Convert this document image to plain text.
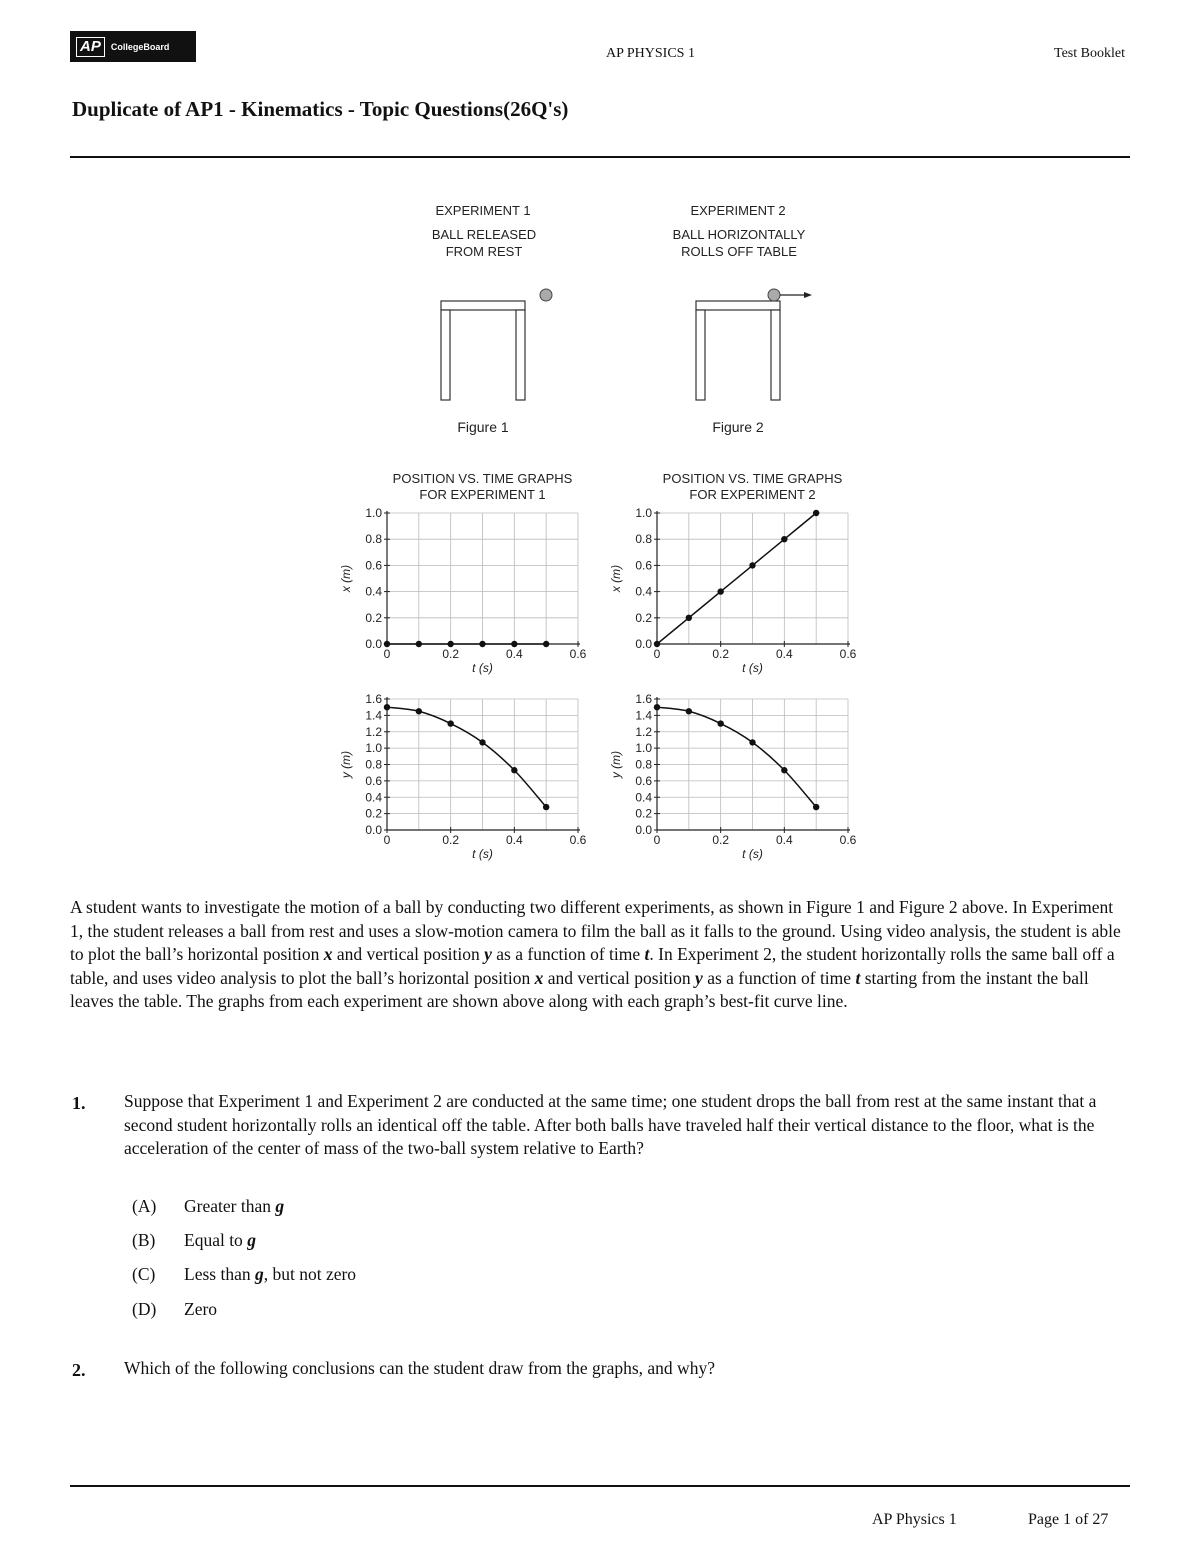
AP	CollegeBoard	AP PHYSICS 1	Test Booklet
Duplicate of AP1 - Kinematics - Topic Questions(26Q's)
EXPERIMENT 1
BALL RELEASED
FROM REST
EXPERIMENT 2
BALL HORIZONTALLY
ROLLS OFF TABLE
Figure 1	Figure 2
POSITION VS. TIME GRAPHS
FOR EXPERIMENT 1
0	0.2	0.4	0.6
0.0
0.2
0.4
0.6
0.8
1.0
t (s)
x (m)
POSITION VS. TIME GRAPHS
FOR EXPERIMENT 2
0	0.2	0.4	0.6
0.0
0.2
0.4
0.6
0.8
1.0
t (s)
x (m)
0	0.2	0.4	0.6
0.0
0.2
0.4
0.6
0.8
1.0
1.2
1.4
1.6
t (s)
y (m)
0	0.2	0.4	0.6
0.0
0.2
0.4
0.6
0.8
1.0
1.2
1.4
1.6
t (s)
y (m)
A student wants to investigate the motion of a ball by conducting two different experiments, as shown in Figure 1 and Figure 2 above. In Experiment 1, the student releases a ball from rest and uses a slow-motion camera to film the ball as it falls to the ground. Using video analysis, the student is able to plot the ball’s horizontal position x and vertical position y as a function of time t. In Experiment 2, the student horizontally rolls the same ball off a table, and uses video analysis to plot the ball’s horizontal position x and vertical position y as a function of time t starting from the instant the ball leaves the table. The graphs from each experiment are shown above along with each graph’s best-fit curve line.
1. Suppose that Experiment 1 and Experiment 2 are conducted at the same time; one student drops the ball from rest at the same instant that a second student horizontally rolls an identical off the table. After both balls have traveled half their vertical distance to the floor, what is the acceleration of the center of mass of the two-ball system relative to Earth?
(A) Greater than g
(B) Equal to g
(C) Less than g, but not zero
(D) Zero
2. Which of the following conclusions can the student draw from the graphs, and why?
AP Physics 1	Page 1 of 27
